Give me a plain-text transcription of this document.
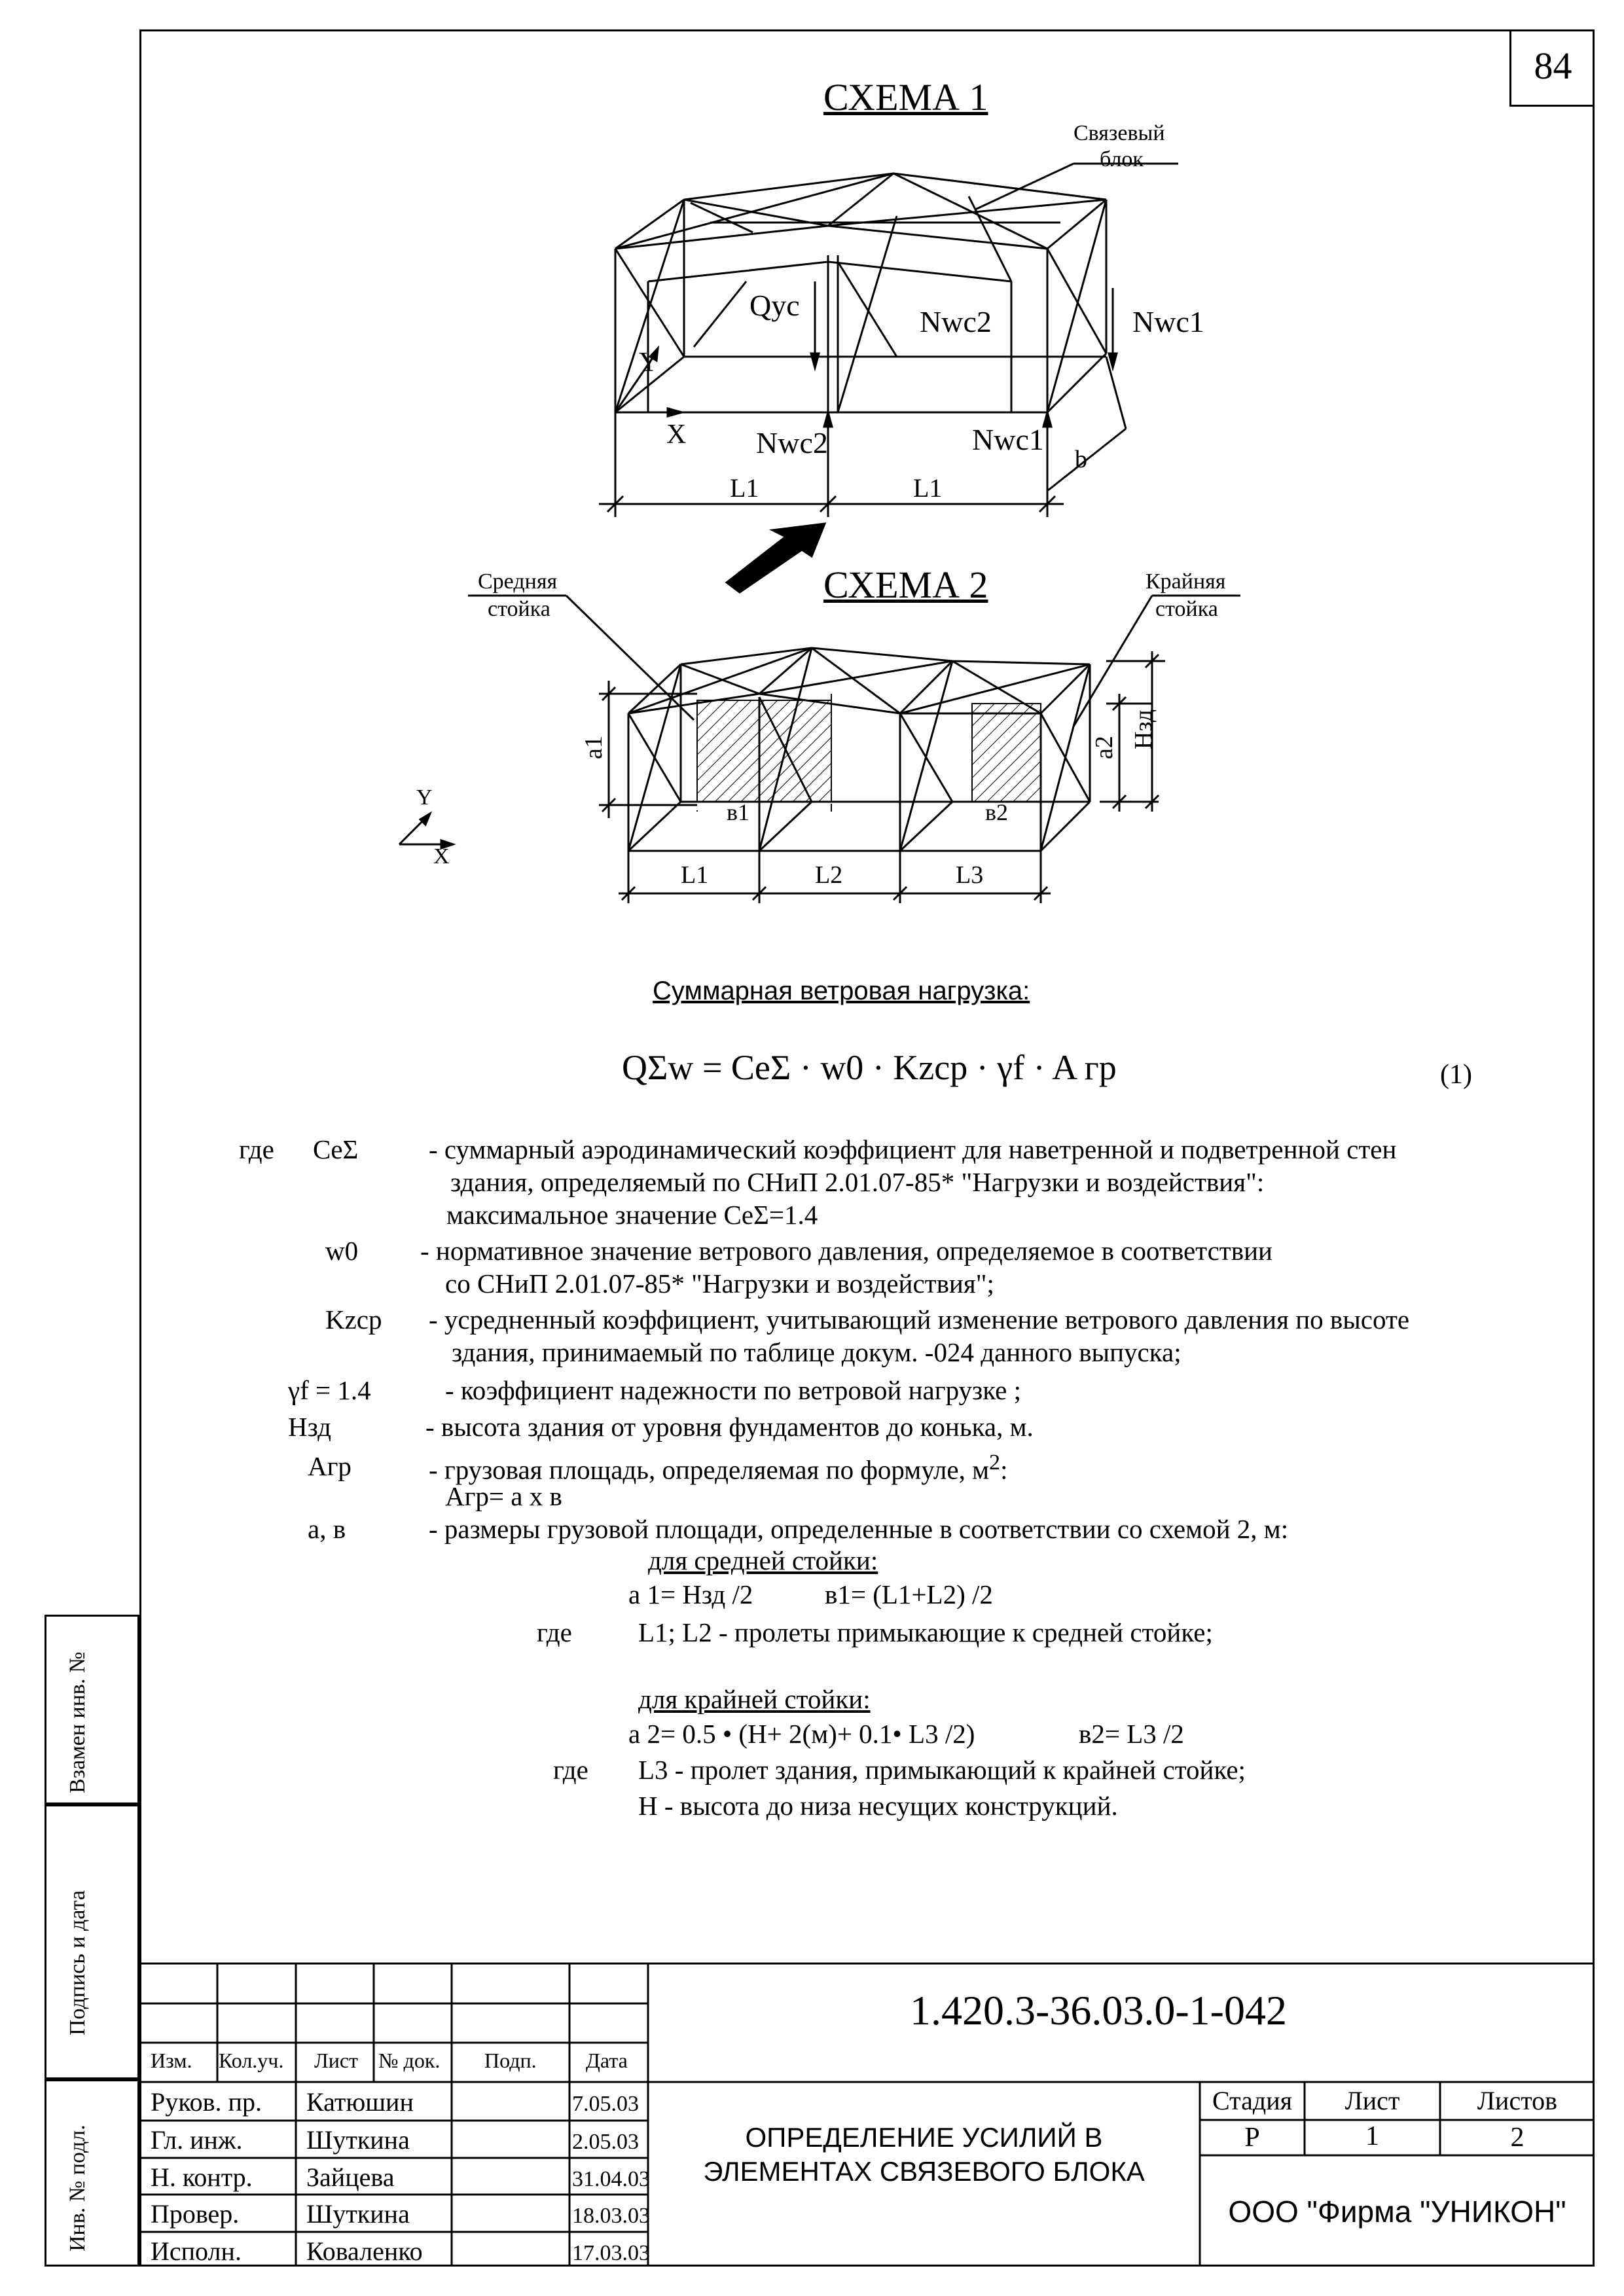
Взамен инв. №
Подпись и дата
Инв. № подл.
84
СХЕМА 1
Связевый
блок
Qyc	Nwc2	Nwc1
Y
X Nwc2	Nwc1
b
L1	L1
СХЕМА 2
Средняя
стойка
Крайняя
стойка
a1	a2 Нзд
в1	в2
Y
X
L1	L2	L3
Суммарная ветровая нагрузка:
QΣw = CeΣ · w0 · Kzcp · γf · A гр	(1)
где CeΣ	- суммарный аэродинамический коэффициент для наветренной и подветренной стен
здания, определяемый по СНиП 2.01.07-85* "Нагрузки и воздействия":
максимальное значение CeΣ=1.4
w0 - нормативное значение ветрового давления, определяемое в соответствии
со СНиП 2.01.07-85* "Нагрузки и воздействия";
Kzcp - усредненный коэффициент, учитывающий изменение ветрового давления по высоте
здания, принимаемый по таблице докум. -024 данного выпуска;
γf = 1.4	- коэффициент надежности по ветровой нагрузке ;
Нзд	- высота здания от уровня фундаментов до конька, м.
Агр	- грузовая площадь, определяемая по формуле, $м^2$:
Агр= а х в
а, в	- размеры грузовой площади, определенные в соответствии со схемой 2, м:
для средней стойки:
а 1= Нзд /2	в1= (L1+L2) /2
где L1; L2 - пролеты примыкающие к средней стойке;
для крайней стойки:
а 2= 0.5 • (Н+ 2(м)+ 0.1• L3 /2)	в2= L3 /2
где L3 - пролет здания, примыкающий к крайней стойке;
Н - высота до низа несущих конструкций.
1.420.3-36.03.0-1-042
Изм. Кол.уч. Лист № док. Подп. Дата
Руков. пр. Катюшин	7.05.03
Гл. инж. Шуткина	2.05.03
Н. контр. Зайцева	31.04.03
Провер.	Шуткина	18.03.03
Исполн. Коваленко	17.03.03
ОПРЕДЕЛЕНИЕ УСИЛИЙ В
ЭЛЕМЕНТАХ СВЯЗЕВОГО БЛОКА
Стадия	Лист	Листов
Р	1	2
ООО "Фирма "УНИКОН"
